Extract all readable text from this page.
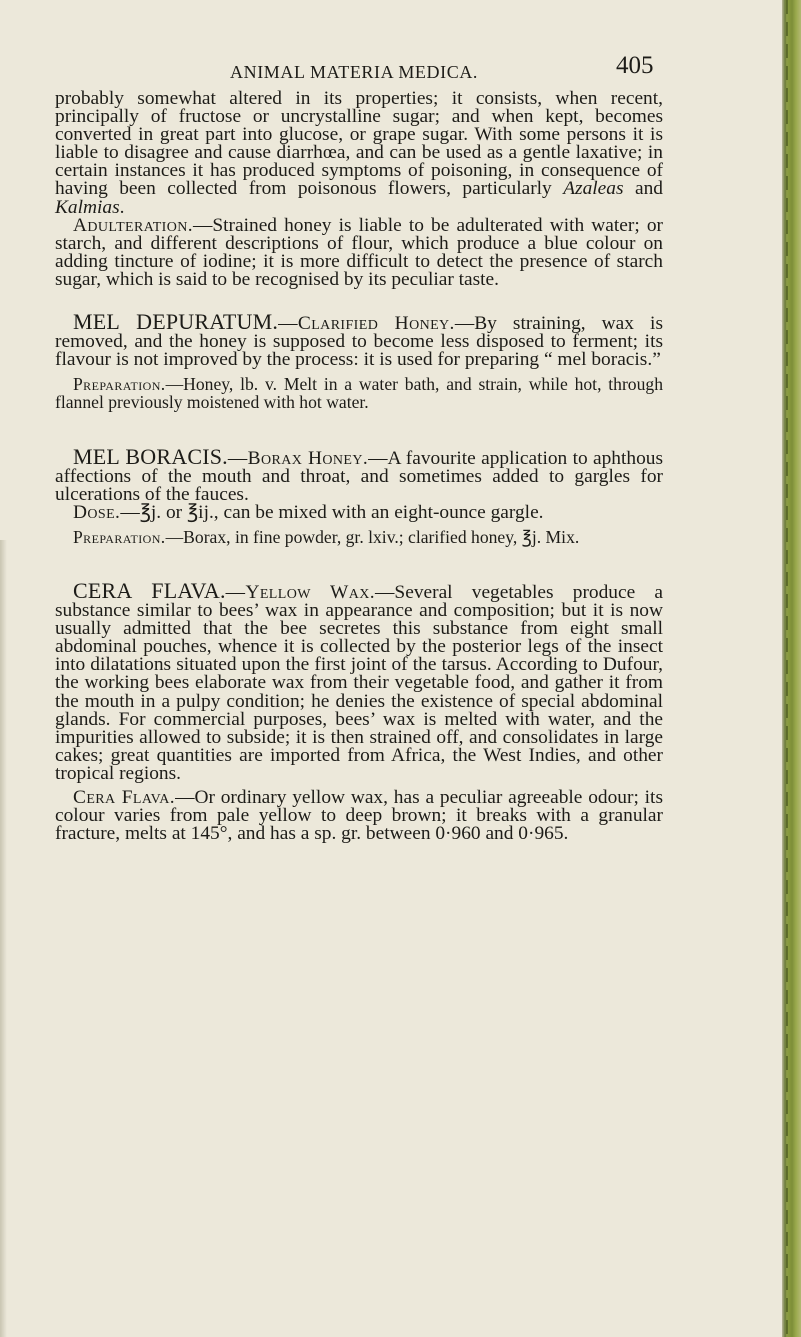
ANIMAL MATERIA MEDICA.	405

probably somewhat altered in its properties; it consists, when recent, principally of fructose or uncrystalline sugar; and when kept, becomes converted in great part into glucose, or grape sugar. With some persons it is liable to disagree and cause diarrhœa, and can be used as a gentle laxative; in certain instances it has produced symptoms of poisoning, in consequence of having been collected from poisonous flowers, particularly Azaleas and Kalmias.

Adulteration.—Strained honey is liable to be adulterated with water; or starch, and different descriptions of flour, which produce a blue colour on adding tincture of iodine; it is more difficult to detect the presence of starch sugar, which is said to be recognised by its peculiar taste.

MEL DEPURATUM.—Clarified Honey.—By straining, wax is removed, and the honey is supposed to become less disposed to ferment; its flavour is not improved by the process: it is used for preparing “ mel boracis.”

Preparation.—Honey, lb. v. Melt in a water bath, and strain, while hot, through flannel previously moistened with hot water.

MEL BORACIS.—Borax Honey.—A favourite application to aphthous affections of the mouth and throat, and sometimes added to gargles for ulcerations of the fauces.

Dose.—℥j. or ℥ij., can be mixed with an eight-ounce gargle.

Preparation.—Borax, in fine powder, gr. lxiv.; clarified honey, ℥j. Mix.

CERA FLAVA.—Yellow Wax.—Several vegetables produce a substance similar to bees’ wax in appearance and composition; but it is now usually admitted that the bee secretes this substance from eight small abdominal pouches, whence it is collected by the posterior legs of the insect into dilatations situated upon the first joint of the tarsus. According to Dufour, the working bees elaborate wax from their vegetable food, and gather it from the mouth in a pulpy condition; he denies the existence of special abdominal glands. For commercial purposes, bees’ wax is melted with water, and the impurities allowed to subside; it is then strained off, and consolidates in large cakes; great quantities are imported from Africa, the West Indies, and other tropical regions.

Cera Flava.—Or ordinary yellow wax, has a peculiar agreeable odour; its colour varies from pale yellow to deep brown; it breaks with a granular fracture, melts at 145°, and has a sp. gr. between 0·960 and 0·965.
